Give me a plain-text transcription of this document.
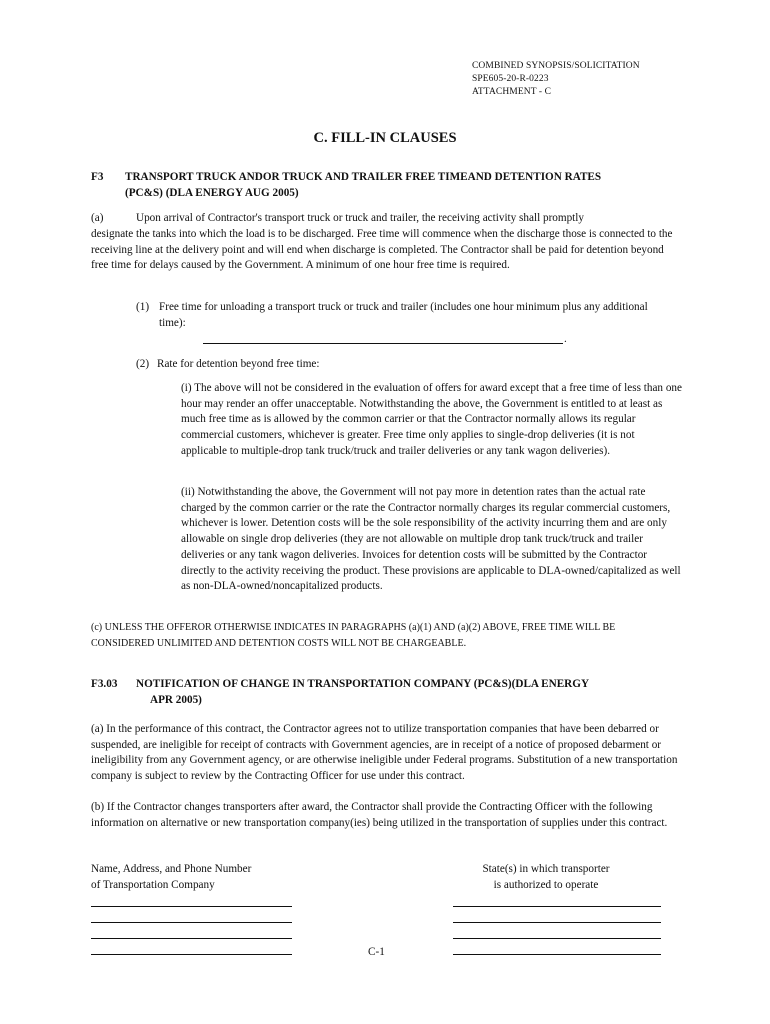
COMBINED SYNOPSIS/SOLICITATION
SPE605-20-R-0223
ATTACHMENT - C
C. FILL-IN CLAUSES
F3 TRANSPORT TRUCK ANDOR TRUCK AND TRAILER FREE TIMEAND DETENTION RATES
(PC&S) (DLA ENERGY AUG 2005)
(a)	Upon arrival of Contractor's transport truck or truck and trailer, the receiving activity shall promptly
designate the tanks into which the load is to be discharged. Free time will commence when the discharge those is connected to the receiving line at the delivery point and will end when discharge is completed. The Contractor shall be paid for detention beyond free time for delays caused by the Government. A minimum of one hour free time is required.
(1) Free time for unloading a transport truck or truck and trailer (includes one hour minimum plus any additional time):
.
(2) Rate for detention beyond free time:
(i) The above will not be considered in the evaluation of offers for award except that a free time of less than one hour may render an offer unacceptable. Notwithstanding the above, the Government is entitled to at least as much free time as is allowed by the common carrier or that the Contractor normally allows its regular commercial customers, whichever is greater. Free time only applies to single-drop deliveries (it is not applicable to multiple-drop tank truck/truck and trailer deliveries or any tank wagon deliveries).
(ii) Notwithstanding the above, the Government will not pay more in detention rates than the actual rate charged by the common carrier or the rate the Contractor normally charges its regular commercial customers, whichever is lower. Detention costs will be the sole responsibility of the activity incurring them and are only allowable on single drop deliveries (they are not allowable on multiple drop tank truck/truck and trailer deliveries or any tank wagon deliveries. Invoices for detention costs will be submitted by the Contractor directly to the activity receiving the product. These provisions are applicable to DLA-owned/capitalized as well as non-DLA-owned/noncapitalized products.
(c) UNLESS THE OFFEROR OTHERWISE INDICATES IN PARAGRAPHS (a)(1) AND (a)(2) ABOVE, FREE TIME WILL BE CONSIDERED UNLIMITED AND DETENTION COSTS WILL NOT BE CHARGEABLE.
F3.03 NOTIFICATION OF CHANGE IN TRANSPORTATION COMPANY (PC&S)(DLA ENERGY
APR 2005)
(a) In the performance of this contract, the Contractor agrees not to utilize transportation companies that have been debarred or suspended, are ineligible for receipt of contracts with Government agencies, are in receipt of a notice of proposed debarment or ineligibility from any Government agency, or are otherwise ineligible under Federal programs. Substitution of a new transportation company is subject to review by the Contracting Officer for use under this contract.
(b) If the Contractor changes transporters after award, the Contractor shall provide the Contracting Officer with the following information on alternative or new transportation company(ies) being utilized in the transportation of supplies under this contract.
Name, Address, and Phone Number
of Transportation Company
State(s) in which transporter
is authorized to operate
C-1
